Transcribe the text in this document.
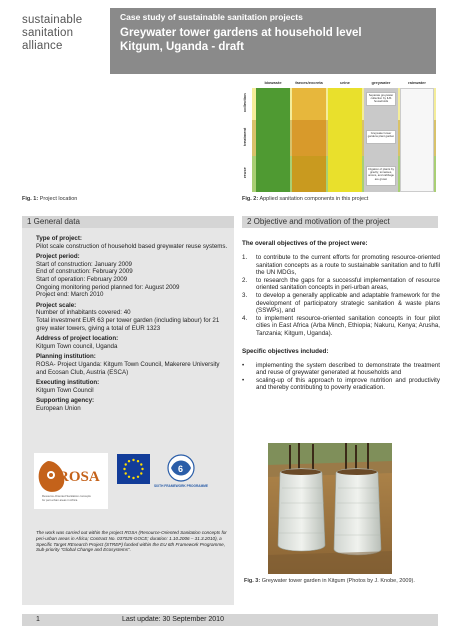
sustainable
sanitation
alliance
Case study of sustainable sanitation projects
Greywater tower gardens at household level
Kitgum, Uganda - draft
Fig. 1: Project location
biowaste	faeces/excreta	urine	greywater	rainwater
collection
treatment
reuse
Separate greywater collection by IHS households
Greywater tower gardens plant garden
Irrigation of plants by gravity; tomatoes, onions, and cabbage are grown
Fig. 2: Applied sanitation components in this project
1 General data	2 Objective and motivation of the project
Type of project:
Pilot scale construction of household based greywater reuse systems.
Project period:
Start of construction: January 2009
End of construction: February 2009
Start of operation: February 2009
Ongoing monitoring period planned for: August 2009
Project end: March 2010
Project scale:
Number of inhabitants covered: 40
Total investment EUR 63 per tower garden (including labour) for 21 grey water towers, giving a total of EUR 1323
Address of project location:
Kitgum Town council, Uganda
Planning institution:
ROSA- Project Uganda: Kitgum Town Council, Makerere University and Ecosan Club, Austria (ESCA)
Executing institution:
Kitgum Town Council
Supporting agency:
European Union
ROSA
Resource-Oriented Sanitation concepts
for peri-urban areas in Africa
6
SIXTH FRAMEWORK PROGRAMME
The work was carried out within the project ROSA (Resource-Oriented Sanitation concepts for peri-urban areas in Africa; Contract No. 037025-GOCE; duration: 1.10.2006 – 31.3.2010), a Specific Target REsearch Project (STREP) funded within the EU 6th Framework Programme, Sub-priority "Global Change and Ecosystems".
The overall objectives of the project were:
1. to contribute to the current efforts for promoting resource-oriented sanitation concepts as a route to sustainable sanitation and to fulfil the UN MDGs,
2. to research the gaps for a successful implementation of resource oriented sanitation concepts in peri-urban areas,
3. to develop a generally applicable and adaptable framework for the development of participatory strategic sanitation & waste plans (SSWPs), and
4. to implement resource-oriented sanitation concepts in four pilot cities in East Africa (Arba Minch, Ethiopia; Nakuru, Kenya; Arusha, Tanzania; Kitgum, Uganda).
Specific objectives included:
• implementing the system described to demonstrate the treatment and reuse of greywater generated at households and
• scaling-up of this approach to improve nutrition and productivity and thereby contributing to poverty eradication.
Fig. 3: Greywater tower garden in Kitgum (Photos by J. Knobe, 2009).
1	Last update: 30 September 2010
